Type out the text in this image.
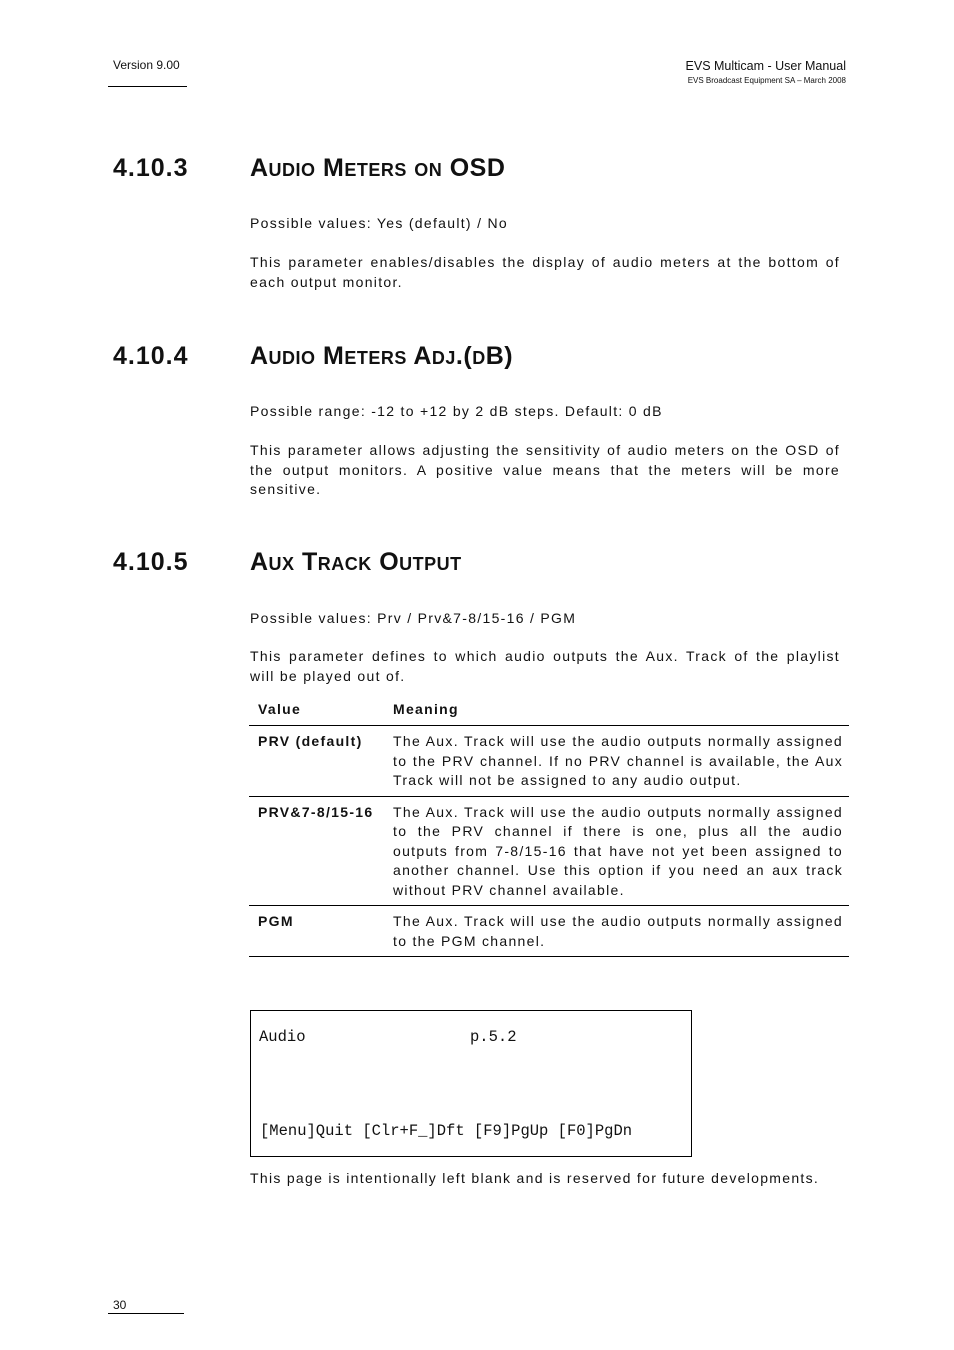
Version 9.00	EVS Multicam - User Manual
EVS Broadcast Equipment SA – March 2008
4.10.3 Audio Meters on OSD
Possible values: Yes (default) / No
This parameter enables/disables the display of audio meters at the bottom of each output monitor.
4.10.4 Audio Meters Adj.(dB)
Possible range: -12 to +12 by 2 dB steps. Default: 0 dB
This parameter allows adjusting the sensitivity of audio meters on the OSD of the output monitors. A positive value means that the meters will be more sensitive.
4.10.5 Aux Track Output
Possible values: Prv / Prv&7-8/15-16 / PGM
This parameter defines to which audio outputs the Aux. Track of the playlist will be played out of.
Value	Meaning
PRV (default)	The Aux. Track will use the audio outputs normally assigned to the PRV channel. If no PRV channel is available, the Aux Track will not be assigned to any audio output.
PRV&7-8/15-16	The Aux. Track will use the audio outputs normally assigned to the PRV channel if there is one, plus all the audio outputs from 7-8/15-16 that have not yet been assigned to another channel. Use this option if you need an aux track without PRV channel available.
PGM	The Aux. Track will use the audio outputs normally assigned to the PGM channel.
Audio	p.5.2
[Menu]Quit [Clr+F_]Dft [F9]PgUp [F0]PgDn
This page is intentionally left blank and is reserved for future developments.
30
